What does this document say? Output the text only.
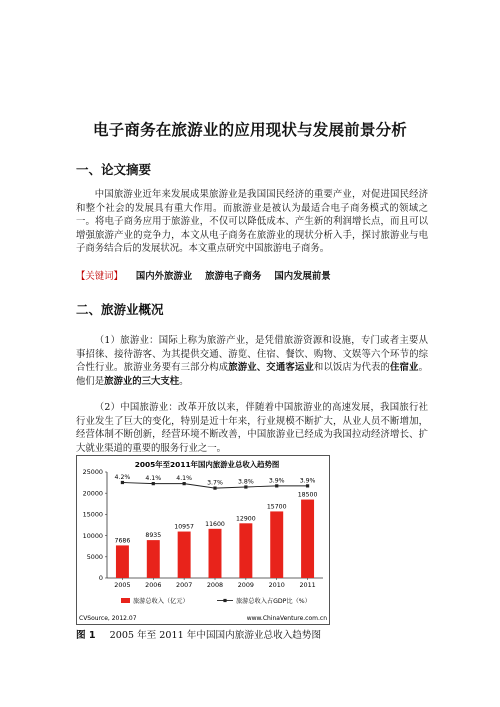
电子商务在旅游业的应用现状与发展前景分析
一、论文摘要

中国旅游业近年来发展成果旅游业是我国国民经济的重要产业，对促进国民经济和整个社会的发展具有重大作用。而旅游业是被认为最适合电子商务模式的领域之一。将电子商务应用于旅游业，不仅可以降低成本、产生新的利润增长点，而且可以增强旅游产业的竞争力，本文从电子商务在旅游业的现状分析入手，探讨旅游业与电子商务结合后的发展状况。本文重点研究中国旅游电子商务。

【关键词】 国内外旅游业 旅游电子商务 国内发展前景
二、旅游业概况

（1）旅游业：国际上称为旅游产业，是凭借旅游资源和设施，专门或者主要从事招徕、接待游客、为其提供交通、游览、住宿、餐饮、购物、文娱等六个环节的综合性行业。旅游业务要有三部分构成旅游业、交通客运业和以饭店为代表的住宿业。他们是旅游业的三大支柱。

（2）中国旅游业：改革开放以来，伴随着中国旅游业的高速发展，我国旅行社行业发生了巨大的变化，特别是近十年来，行业规模不断扩大，从业人员不断增加，经营体制不断创新，经营环境不断改善，中国旅游业已经成为我国拉动经济增长、扩大就业渠道的重要的服务行业之一。

2005年至2011年国内旅游业总收入趋势图
0
5000
10000
15000
20000
25000
2005 2006 2007 2008 2009 2010 2011
7686
8935
10957 11600
12900
15700
18500
4.2% 4.1% 4.1%
3.7% 3.8% 3.9% 3.9%
旅游总收入（亿元）	旅游总收入占GDP比（%）
CVSource, 2012.07	www.ChinaVenture.com.cn
图 1 2005 年至 2011 年中国国内旅游业总收入趋势图
